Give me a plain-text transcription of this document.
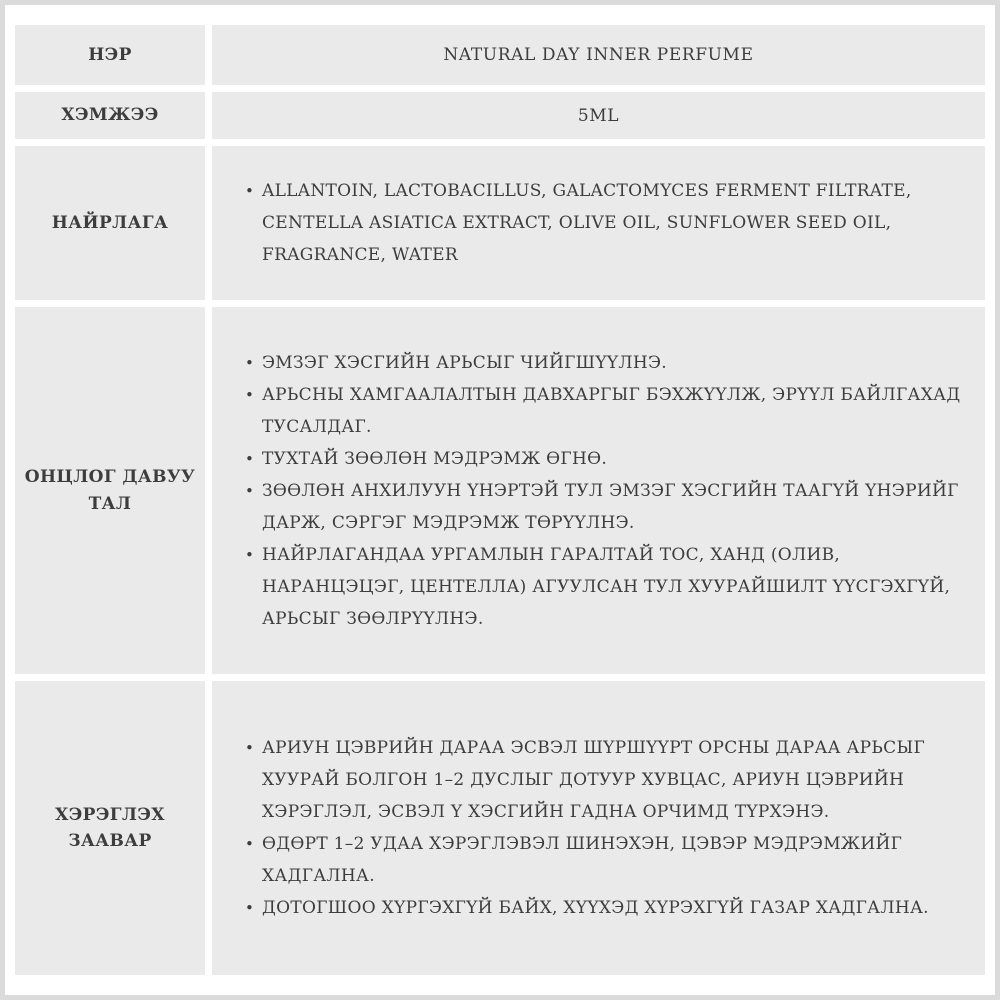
НЭР	NATURAL DAY INNER PERFUME
ХЭМЖЭЭ	5ML
НАЙРЛАГА
• ALLANTOIN, LACTOBACILLUS, GALACTOMYCES FERMENT FILTRATE, CENTELLA ASIATICA EXTRACT, OLIVE OIL, SUNFLOWER SEED OIL, FRAGRANCE, WATER
ОНЦЛОГ ДАВУУ ТАЛ
• ЭМЗЭГ ХЭСГИЙН АРЬСЫГ ЧИЙГШҮҮЛНЭ.
• АРЬСНЫ ХАМГААЛАЛТЫН ДАВХАРГЫГ БЭХЖҮҮЛЖ, ЭРҮҮЛ БАЙЛГАХАД ТУСАЛДАГ.
• ТУХТАЙ ЗӨӨЛӨН МЭДРЭМЖ ӨГНӨ.
• ЗӨӨЛӨН АНХИЛУУН ҮНЭРТЭЙ ТУЛ ЭМЗЭГ ХЭСГИЙН ТААГҮЙ ҮНЭРИЙГ ДАРЖ, СЭРГЭГ МЭДРЭМЖ ТӨРҮҮЛНЭ.
• НАЙРЛАГАНДАА УРГАМЛЫН ГАРАЛТАЙ ТОС, ХАНД (ОЛИВ, НАРАНЦЭЦЭГ, ЦЕНТЕЛЛА) АГУУЛСАН ТУЛ ХУУРАЙШИЛТ ҮҮСГЭХГҮЙ, АРЬСЫГ ЗӨӨЛРҮҮЛНЭ.
ХЭРЭГЛЭХ ЗААВАР
• АРИУН ЦЭВРИЙН ДАРАА ЭСВЭЛ ШҮРШҮҮРТ ОРСНЫ ДАРАА АРЬСЫГ ХУУРАЙ БОЛГОН 1–2 ДУСЛЫГ ДОТУУР ХУВЦАС, АРИУН ЦЭВРИЙН ХЭРЭГЛЭЛ, ЭСВЭЛ Ү ХЭСГИЙН ГАДНА ОРЧИМД ТҮРХЭНЭ.
• ӨДӨРТ 1–2 УДАА ХЭРЭГЛЭВЭЛ ШИНЭХЭН, ЦЭВЭР МЭДРЭМЖИЙГ ХАДГАЛНА.
• ДОТОГШОО ХҮРГЭХГҮЙ БАЙХ, ХҮҮХЭД ХҮРЭХГҮЙ ГАЗАР ХАДГАЛНА.
